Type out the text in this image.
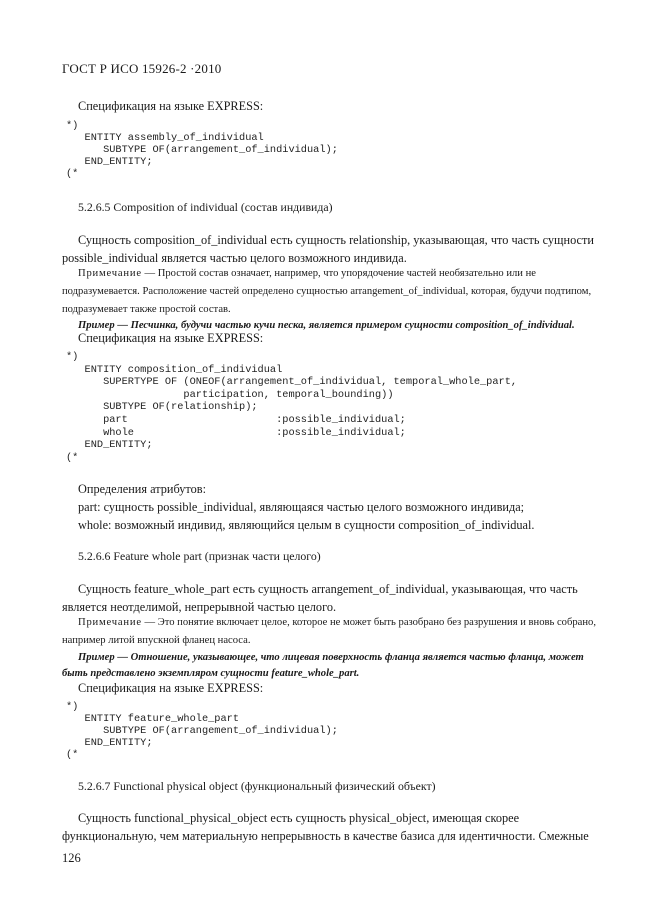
ГОСТ Р ИСО 15926-2 ·2010
Спецификация на языке EXPRESS:
*)
ENTITY assembly_of_individual
SUBTYPE OF(arrangement_of_individual);
END_ENTITY;
(*
5.2.6.5 Composition of individual (состав индивида)
Сущность composition_of_individual есть сущность relationship, указывающая, что часть сущности possible_individual является частью целого возможного индивида.
Примечание — Простой состав означает, например, что упорядочение частей необязательно или не подразумевается. Расположение частей определено сущностью arrangement_of_individual, которая, будучи подтипом, подразумевает также простой состав.
Пример — Песчинка, будучи частью кучи песка, является примером сущности composition_of_individual.
Спецификация на языке EXPRESS:
*)
ENTITY composition_of_individual
SUPERTYPE OF (ONEOF(arrangement_of_individual, temporal_whole_part,
participation, temporal_bounding))
SUBTYPE OF(relationship);
part                        :possible_individual;
whole                       :possible_individual;
END_ENTITY;
(*
Определения атрибутов:
part: сущность possible_individual, являющаяся частью целого возможного индивида;
whole: возможный индивид, являющийся целым в сущности composition_of_individual.
5.2.6.6 Feature whole part (признак части целого)
Сущность feature_whole_part есть сущность arrangement_of_individual, указывающая, что часть является неотделимой, непрерывной частью целого.
Примечание — Это понятие включает целое, которое не может быть разобрано без разрушения и вновь собрано, например литой впускной фланец насоса.
Пример — Отношение, указывающее, что лицевая поверхность фланца является частью фланца, может быть представлено экземпляром сущности feature_whole_part.
Спецификация на языке EXPRESS:
*)
ENTITY feature_whole_part
SUBTYPE OF(arrangement_of_individual);
END_ENTITY;
(*
5.2.6.7 Functional physical object (функциональный физический объект)
Сущность functional_physical_object есть сущность physical_object, имеющая скорее функциональную, чем материальную непрерывность в качестве базиса для идентичности. Смежные
126
